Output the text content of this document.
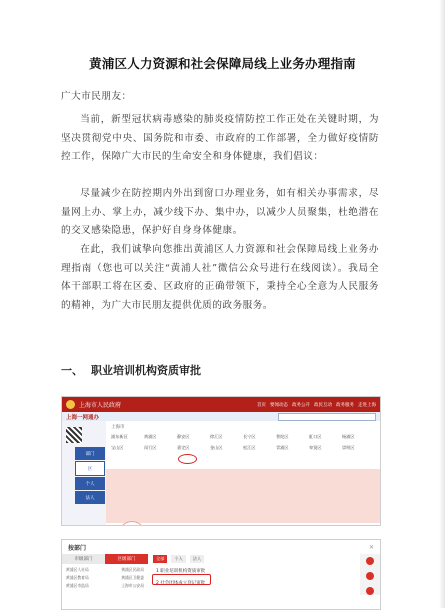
黄浦区人力资源和社会保障局线上业务办理指南

广大市民朋友：

当前，新型冠状病毒感染的肺炎疫情防控工作正处在关键时期，为坚决贯彻党中央、国务院和市委、市政府的工作部署，全力做好疫情防控工作，保障广大市民的生命安全和身体健康，我们倡议：

尽量减少在防控期内外出到窗口办理业务，如有相关办事需求，尽量网上办、掌上办，减少线下办、集中办，以减少人员聚集，杜绝潜在的交叉感染隐患，保护好自身身体健康。

在此，我们诚挚向您推出黄浦区人力资源和社会保障局线上业务办理指南（您也可以关注“黄浦人社”微信公众号进行在线阅读）。我局全体干部职工将在区委、区政府的正确带领下，秉持全心全意为人民服务的精神，为广大市民朋友提供优质的政务服务。

一、 职业培训机构资质审批
上海市人民政府	首页 要闻动态 政务公开 政民互动 政务服务 走进上海
上海一网通办
部门
区
个人
法人
上海市
浦东新区	黄浦区	静安区	徐汇区	长宁区	普陀区	虹口区	杨浦区
宝山区	闵行区	嘉定区	金山区	松江区	青浦区	奉贤区	崇明区
按部门	✕
市级部门	区级部门
黄浦区人社局	黄浦区民政局
黄浦区教育局	黄浦区卫健委
黄浦区市监局	上海市公安局
全部	个人	法人
1 职业培训机构资质审批
2 社会团体成立登记审批
